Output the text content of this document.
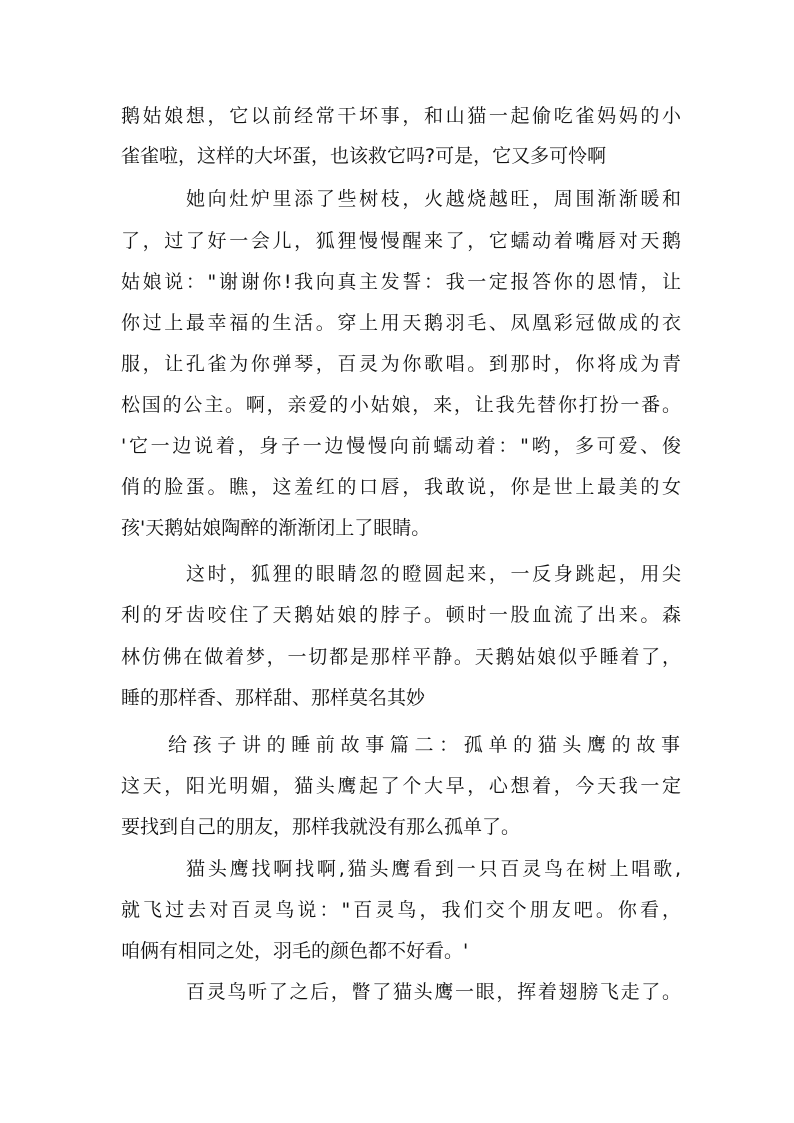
鹅姑娘想，它以前经常干坏事，和山猫一起偷吃雀妈妈的小
雀雀啦，这样的大坏蛋，也该救它吗?可是，它又多可怜啊
她向灶炉里添了些树枝，火越烧越旺，周围渐渐暖和
了，过了好一会儿，狐狸慢慢醒来了，它蠕动着嘴唇对天鹅
姑娘说："谢谢你!我向真主发誓：我一定报答你的恩情，让
你过上最幸福的生活。穿上用天鹅羽毛、凤凰彩冠做成的衣
服，让孔雀为你弹琴，百灵为你歌唱。到那时，你将成为青
松国的公主。啊，亲爱的小姑娘，来，让我先替你打扮一番。
'它一边说着，身子一边慢慢向前蠕动着："哟，多可爱、俊
俏的脸蛋。瞧，这羞红的口唇，我敢说，你是世上最美的女
孩'天鹅姑娘陶醉的渐渐闭上了眼睛。
这时，狐狸的眼睛忽的瞪圆起来，一反身跳起，用尖
利的牙齿咬住了天鹅姑娘的脖子。顿时一股血流了出来。森
林仿佛在做着梦，一切都是那样平静。天鹅姑娘似乎睡着了，
睡的那样香、那样甜、那样莫名其妙
给孩子讲的睡前故事篇二：孤单的猫头鹰的故事
这天，阳光明媚，猫头鹰起了个大早，心想着，今天我一定
要找到自己的朋友，那样我就没有那么孤单了。
猫头鹰找啊找啊,猫头鹰看到一只百灵鸟在树上唱歌,
就飞过去对百灵鸟说："百灵鸟，我们交个朋友吧。你看，
咱俩有相同之处，羽毛的颜色都不好看。'
百灵鸟听了之后，瞥了猫头鹰一眼，挥着翅膀飞走了。
